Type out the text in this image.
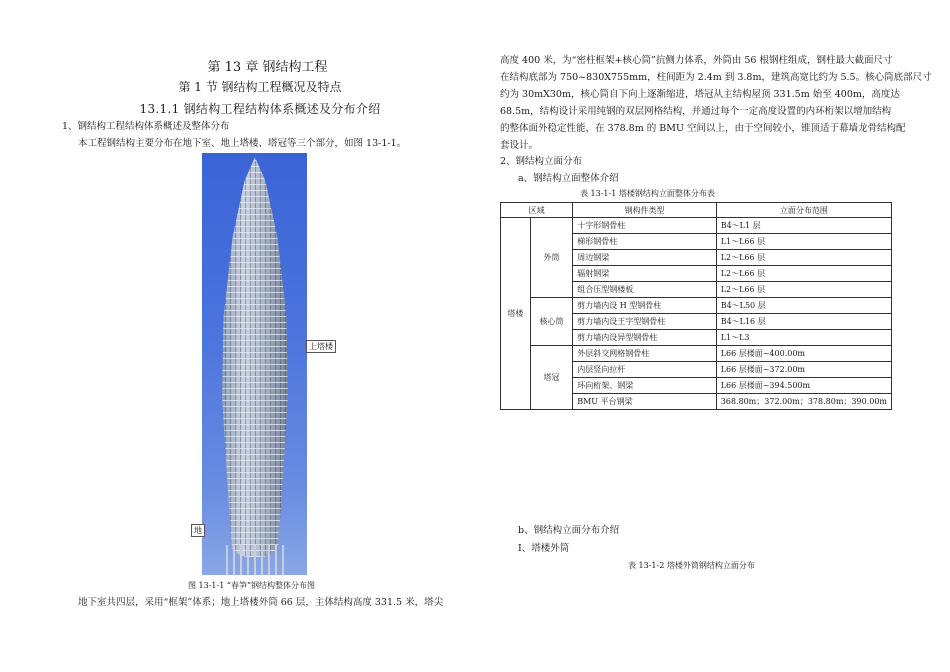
第 13 章 钢结构工程
第 1 节 钢结构工程概况及特点
13.1.1 钢结构工程结构体系概述及分布介绍
1、钢结构工程结构体系概述及整体分布
本工程钢结构主要分布在地下室、地上塔楼、塔冠等三个部分，如图 13-1-1。
上塔楼
地
图 13-1-1 “春笋”钢结构整体分布图
地下室共四层，采用“框架”体系；地上塔楼外筒 66 层，主体结构高度 331.5 米，塔尖
高度 400 米，为“密柱框架+核心筒”抗侧力体系，外筒由 56 根钢柱组成，钢柱最大截面尺寸
在结构底部为 750~830X755mm，柱间距为 2.4m 到 3.8m，建筑高宽比约为 5.5。核心筒底部尺寸
约为 30mX30m，核心筒自下向上逐渐缩进，塔冠从主结构屋顶 331.5m 始至 400m，高度达
68.5m，结构设计采用纯钢的双层网格结构，并通过每个一定高度设置的内环桁架以增加结构
的整体面外稳定性能，在 378.8m 的 BMU 空间以上，由于空间较小，锥顶适于幕墙龙骨结构配
套设计。
2、钢结构立面分布
a、钢结构立面整体介绍
表 13-1-1 塔楼钢结构立面整体分布表
区域		钢构件类型	立面分布范围
塔楼	外筒	十字形钢骨柱	B4～L1 层
		梯形钢骨柱	L1～L66 层
		周边钢梁	L2～L66 层
		辐射钢梁	L2～L66 层
		组合压型钢楼板	L2～L66 层
	核心筒	剪力墙内设 H 型钢骨柱	B4～L50 层
		剪力墙内设王字型钢骨柱	B4～L16 层
		剪力墙内设异型钢骨柱	L1～L3
	塔冠	外层斜交网格钢骨柱	L66 层楼面~400.00m
		内层竖向拉杆	L66 层楼面~372.00m
		环向桁架、钢梁	L66 层楼面~394.500m
		BMU 平台钢梁	368.80m；372.00m；378.80m；390.00m
b、钢结构立面分布介绍
Ⅰ、塔楼外筒
表 13-1-2 塔楼外筒钢结构立面分布
